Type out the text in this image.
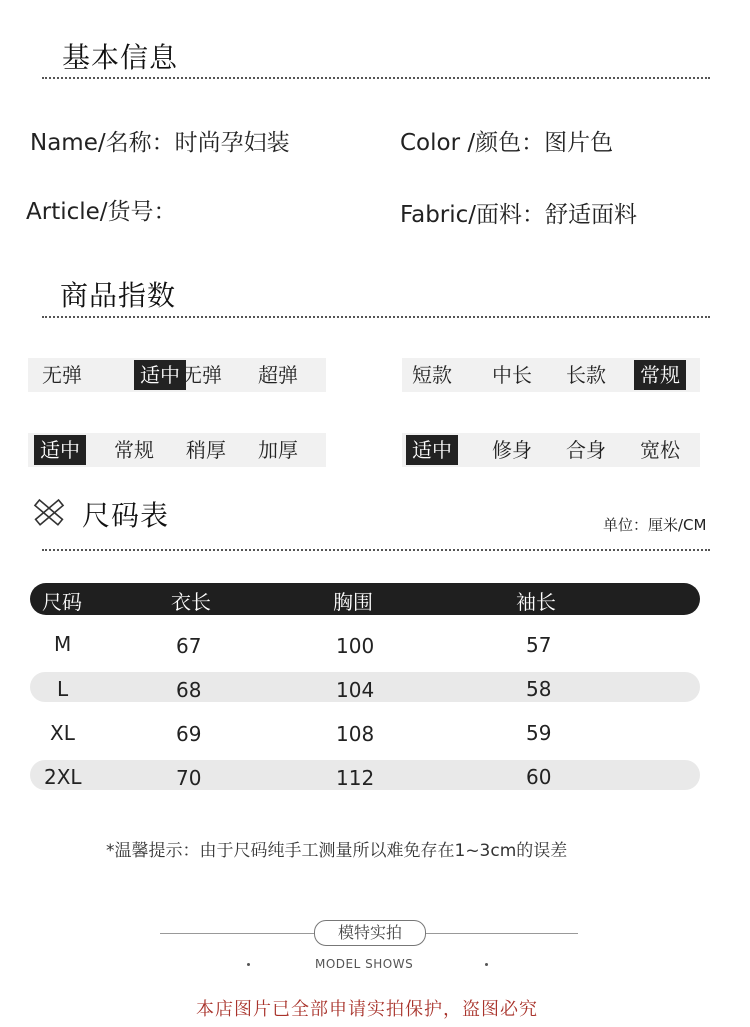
基本信息
Name/名称：时尚孕妇装	Color /颜色：图片色
Article/货号：	Fabric/面料：舒适面料
商品指数
无弹	适中 无弹	超弹	短款	中长	长款	常规
适中	常规	稍厚	加厚	适中	修身	合身	宽松
尺码表	单位：厘米/CM
尺码	衣长	胸围	袖长
M	67	100	57
L	68	104	58
XL	69	108	59
2XL	70	112	60
*温馨提示：由于尺码纯手工测量所以难免存在1~3cm的误差
模特实拍
MODEL SHOWS
本店图片已全部申请实拍保护，盗图必究
